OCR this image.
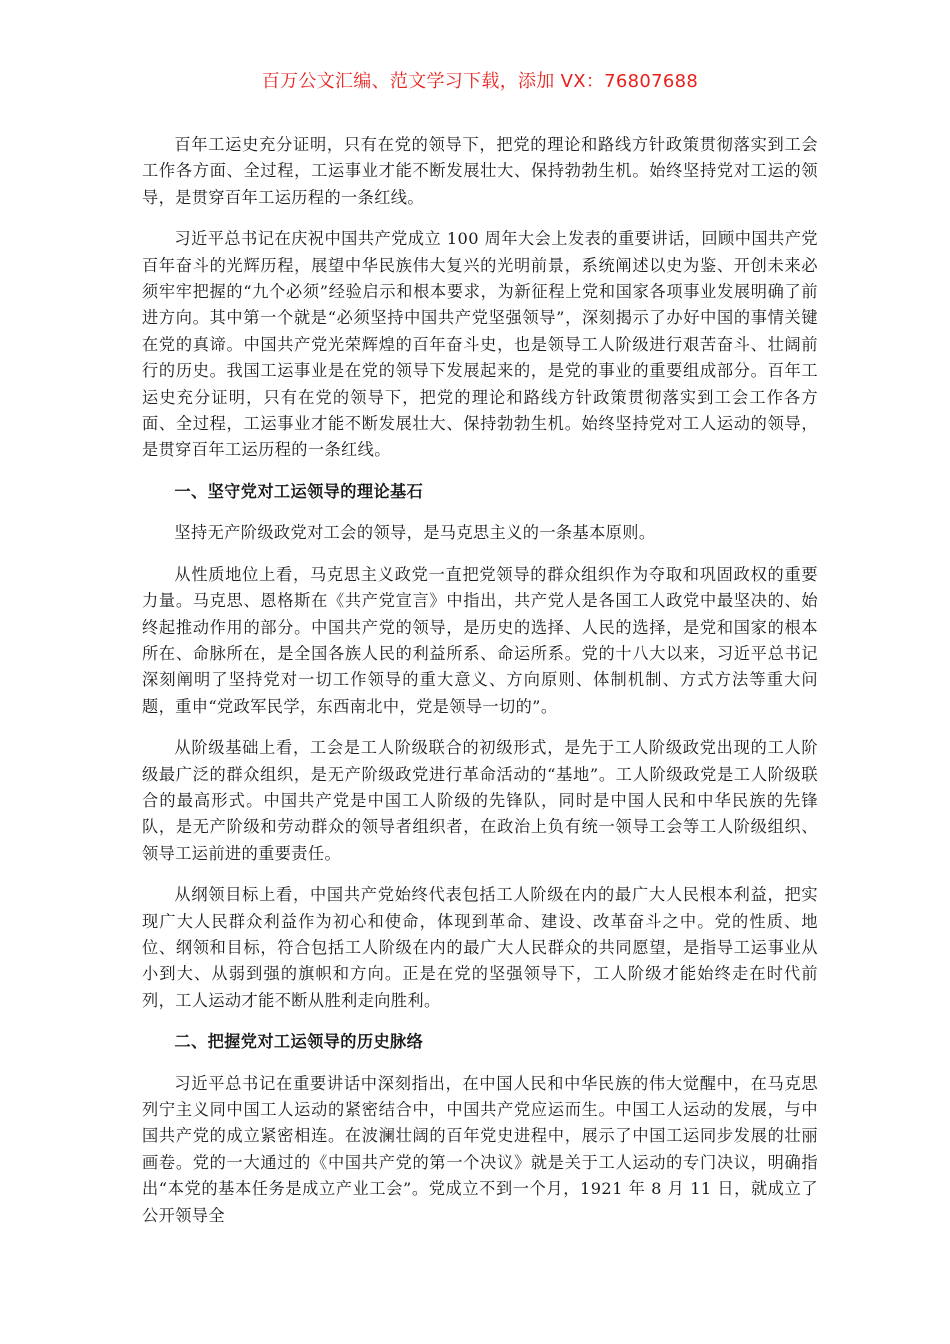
百万公文汇编、范文学习下载，添加 VX：76807688

百年工运史充分证明，只有在党的领导下，把党的理论和路线方针政策贯彻落实到工会工作各方面、全过程，工运事业才能不断发展壮大、保持勃勃生机。始终坚持党对工运的领导，是贯穿百年工运历程的一条红线。

习近平总书记在庆祝中国共产党成立 100 周年大会上发表的重要讲话，回顾中国共产党百年奋斗的光辉历程，展望中华民族伟大复兴的光明前景，系统阐述以史为鉴、开创未来必须牢牢把握的“九个必须”经验启示和根本要求，为新征程上党和国家各项事业发展明确了前进方向。其中第一个就是“必须坚持中国共产党坚强领导”，深刻揭示了办好中国的事情关键在党的真谛。中国共产党光荣辉煌的百年奋斗史，也是领导工人阶级进行艰苦奋斗、壮阔前行的历史。我国工运事业是在党的领导下发展起来的，是党的事业的重要组成部分。百年工运史充分证明，只有在党的领导下，把党的理论和路线方针政策贯彻落实到工会工作各方面、全过程，工运事业才能不断发展壮大、保持勃勃生机。始终坚持党对工人运动的领导，是贯穿百年工运历程的一条红线。

一、坚守党对工运领导的理论基石

坚持无产阶级政党对工会的领导，是马克思主义的一条基本原则。

从性质地位上看，马克思主义政党一直把党领导的群众组织作为夺取和巩固政权的重要力量。马克思、恩格斯在《共产党宣言》中指出，共产党人是各国工人政党中最坚决的、始终起推动作用的部分。中国共产党的领导，是历史的选择、人民的选择，是党和国家的根本所在、命脉所在，是全国各族人民的利益所系、命运所系。党的十八大以来，习近平总书记深刻阐明了坚持党对一切工作领导的重大意义、方向原则、体制机制、方式方法等重大问题，重申“党政军民学，东西南北中，党是领导一切的”。

从阶级基础上看，工会是工人阶级联合的初级形式，是先于工人阶级政党出现的工人阶级最广泛的群众组织，是无产阶级政党进行革命活动的“基地”。工人阶级政党是工人阶级联合的最高形式。中国共产党是中国工人阶级的先锋队，同时是中国人民和中华民族的先锋队，是无产阶级和劳动群众的领导者组织者，在政治上负有统一领导工会等工人阶级组织、领导工运前进的重要责任。

从纲领目标上看，中国共产党始终代表包括工人阶级在内的最广大人民根本利益，把实现广大人民群众利益作为初心和使命，体现到革命、建设、改革奋斗之中。党的性质、地位、纲领和目标，符合包括工人阶级在内的最广大人民群众的共同愿望，是指导工运事业从小到大、从弱到强的旗帜和方向。正是在党的坚强领导下，工人阶级才能始终走在时代前列，工人运动才能不断从胜利走向胜利。

二、把握党对工运领导的历史脉络

习近平总书记在重要讲话中深刻指出，在中国人民和中华民族的伟大觉醒中，在马克思列宁主义同中国工人运动的紧密结合中，中国共产党应运而生。中国工人运动的发展，与中国共产党的成立紧密相连。在波澜壮阔的百年党史进程中，展示了中国工运同步发展的壮丽画卷。党的一大通过的《中国共产党的第一个决议》就是关于工人运动的专门决议，明确指出“本党的基本任务是成立产业工会”。党成立不到一个月，1921 年 8 月 11 日，就成立了公开领导全
